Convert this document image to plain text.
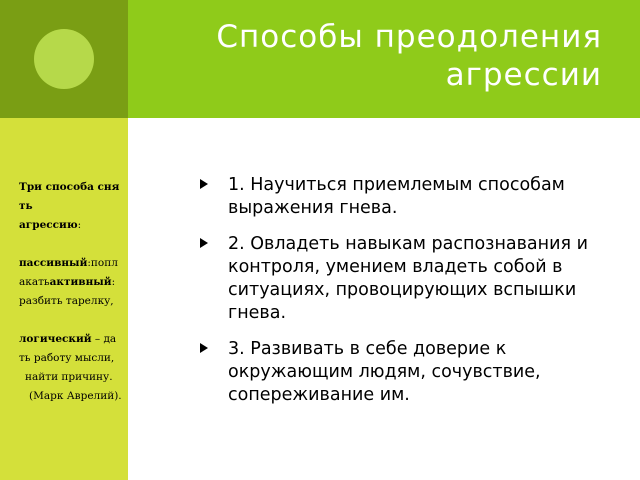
Способы преодоления
агрессии
Три способа сня
ть
агрессию:
пассивный:попл
акатьактивный:
разбить тарелку,
логический – да
ть работу мысли,
найти причину.
(Марк Аврелий).
1. Научиться приемлемым способам выражения гнева.
2. Овладеть навыкам распознавания и контроля, умением владеть собой в ситуациях, провоцирующих вспышки гнева.
3. Развивать в себе доверие к окружающим людям, сочувствие, сопереживание им.
